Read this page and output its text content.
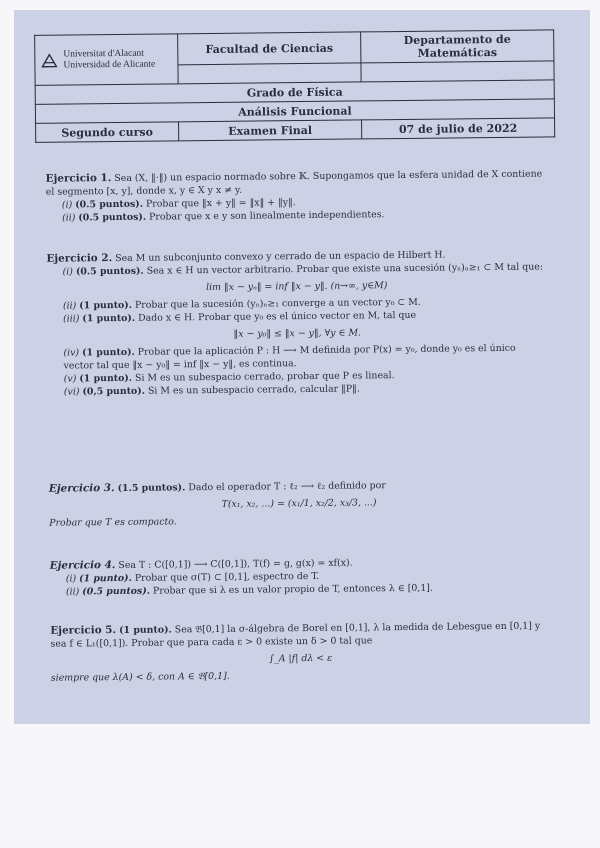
Universitat d'Alacant
Universidad de Alicante	Facultad de Ciencias	Departamento de Matemáticas

Grado de Física		
Análisis Funcional		
Segundo curso	Examen Final	07 de julio de 2022
Ejercicio 1. Sea (X, ‖·‖) un espacio normado sobre 𝕂. Supongamos que la esfera unidad de X contiene el segmento [x, y], donde x, y ∈ X y x ≠ y.
(i) (0.5 puntos). Probar que ‖x + y‖ = ‖x‖ + ‖y‖.
(ii) (0.5 puntos). Probar que x e y son linealmente independientes.
Ejercicio 2. Sea M un subconjunto convexo y cerrado de un espacio de Hilbert H.
(i) (0.5 puntos). Sea x ∈ H un vector arbitrario. Probar que existe una sucesión (yₙ)ₙ≥₁ ⊂ M tal que:
lim ‖x − yₙ‖ = inf ‖x − y‖. (n→∞, y∈M)
(ii) (1 punto). Probar que la sucesión (yₙ)ₙ≥₁ converge a un vector y₀ ⊂ M.
(iii) (1 punto). Dado x ∈ H. Probar que y₀ es el único vector en M, tal que
‖x − y₀‖ ≤ ‖x − y‖, ∀y ∈ M.
(iv) (1 punto). Probar que la aplicación P : H ⟶ M definida por P(x) = y₀, donde y₀ es el único vector tal que ‖x − y₀‖ = inf ‖x − y‖, es continua.
(v) (1 punto). Si M es un subespacio cerrado, probar que P es lineal.
(vi) (0,5 punto). Si M es un subespacio cerrado, calcular ‖P‖.
Ejercicio 3. (1.5 puntos). Dado el operador T : ℓ₂ ⟶ ℓ₂ definido por
T(x₁, x₂, ...) = (x₁/1, x₂/2, x₃/3, ...)
Probar que T es compacto.
Ejercicio 4. Sea T : C([0,1]) ⟶ C([0,1]), T(f) = g, g(x) = xf(x).
(i) (1 punto). Probar que σ(T) ⊂ [0,1], espectro de T.
(ii) (0.5 puntos). Probar que si λ es un valor propio de T, entonces λ ∈ [0,1].
Ejercicio 5. (1 punto). Sea 𝔅[0,1] la σ-álgebra de Borel en [0,1], λ la medida de Lebesgue en [0,1] y sea f ∈ L₁([0,1]). Probar que para cada ε > 0 existe un δ > 0 tal que
∫_A |f| dλ < ε
siempre que λ(A) < δ, con A ∈ 𝔅[0,1].
